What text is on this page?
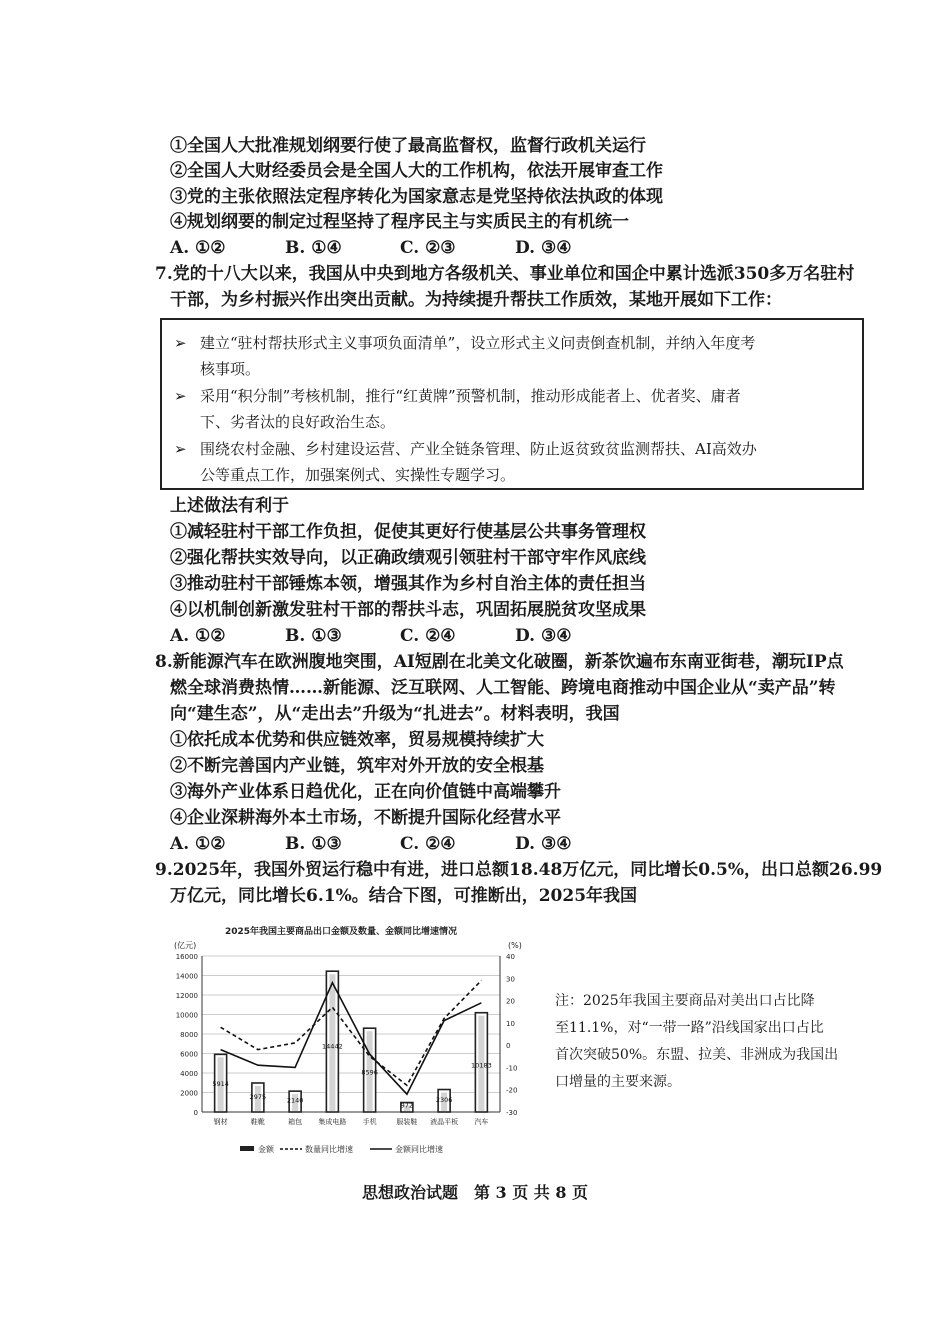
①全国人大批准规划纲要行使了最高监督权，监督行政机关运行
②全国人大财经委员会是全国人大的工作机构，依法开展审查工作
③党的主张依照法定程序转化为国家意志是党坚持依法执政的体现
④规划纲要的制定过程坚持了程序民主与实质民主的有机统一
A. ①②	B. ①④	C. ②③	D. ③④
7.党的十八大以来，我国从中央到地方各级机关、事业单位和国企中累计选派350多万名驻村
干部，为乡村振兴作出突出贡献。为持续提升帮扶工作质效，某地开展如下工作：
➢ 建立“驻村帮扶形式主义事项负面清单”，设立形式主义问责倒查机制，并纳入年度考
核事项。
➢ 采用“积分制”考核机制，推行“红黄牌”预警机制，推动形成能者上、优者奖、庸者
下、劣者汰的良好政治生态。
➢ 围绕农村金融、乡村建设运营、产业全链条管理、防止返贫致贫监测帮扶、AI高效办
公等重点工作，加强案例式、实操性专题学习。
上述做法有利于
①减轻驻村干部工作负担，促使其更好行使基层公共事务管理权
②强化帮扶实效导向，以正确政绩观引领驻村干部守牢作风底线
③推动驻村干部锤炼本领，增强其作为乡村自治主体的责任担当
④以机制创新激发驻村干部的帮扶斗志，巩固拓展脱贫攻坚成果
A. ①②	B. ①③	C. ②④	D. ③④
8.新能源汽车在欧洲腹地突围，AI短剧在北美文化破圈，新茶饮遍布东南亚街巷，潮玩IP点
燃全球消费热情……新能源、泛互联网、人工智能、跨境电商推动中国企业从“卖产品”转
向“建生态”，从“走出去”升级为“扎进去”。材料表明，我国
①依托成本优势和供应链效率，贸易规模持续扩大
②不断完善国内产业链，筑牢对外开放的安全根基
③海外产业体系日趋优化，正在向价值链中高端攀升
④企业深耕海外本土市场，不断提升国际化经营水平
A. ①②	B. ①③	C. ②④	D. ③④
9.2025年，我国外贸运行稳中有进，进口总额18.48万亿元，同比增长0.5%，出口总额26.99
万亿元，同比增长6.1%。结合下图，可推断出，2025年我国
2025年我国主要商品出口金额及数量、金额同比增速情况
(亿元)	(%)
0
2000
4000
6000
8000
10000
12000
14000
16000
-30
-20
-10
0
10
20
30
40
5914
2975	2140
14442
8596
972
2306
10183
钢材	鞋靴	箱包 集成电路 手机	服装鞋 液晶平板 汽车
金额	数量同比增速	金额同比增速
注：2025年我国主要商品对美出口占比降
至11.1%，对“一带一路”沿线国家出口占比
首次突破50%。东盟、拉美、非洲成为我国出
口增量的主要来源。
思想政治试题　第 3 页 共 8 页
